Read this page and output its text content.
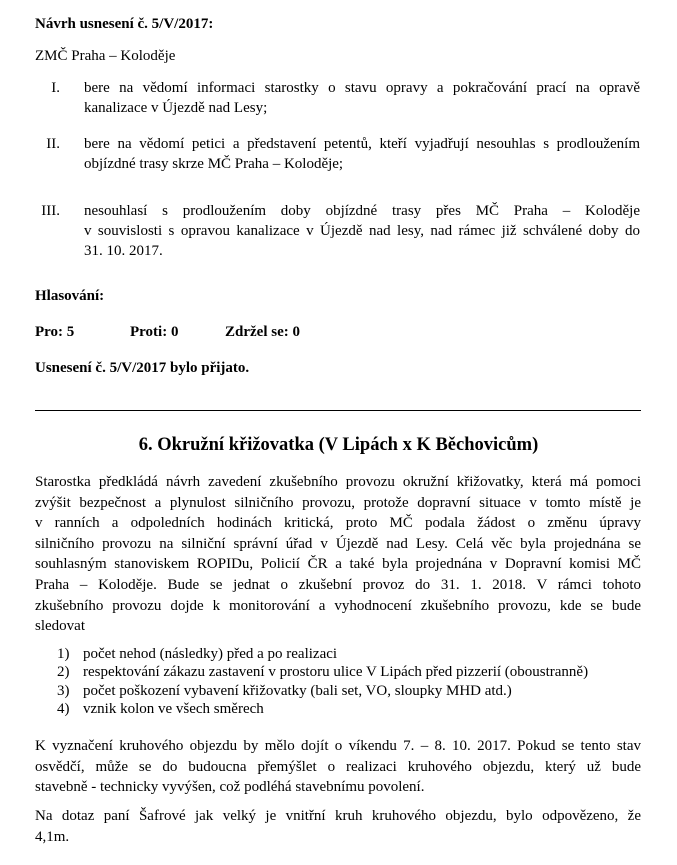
Návrh usnesení č. 5/V/2017:
ZMČ Praha – Koloděje
I. bere na vědomí informaci starostky o stavu opravy a pokračování prací na opravě
kanalizace v Újezdě nad Lesy;
II. bere na vědomí petici a představení petentů, kteří vyjadřují nesouhlas s prodloužením
objízdné trasy skrze MČ Praha – Koloděje;
III. nesouhlasí s prodloužením doby objízdné trasy přes MČ Praha – Koloděje
v souvislosti s opravou kanalizace v Újezdě nad lesy, nad rámec již schválené doby do
31. 10. 2017.
Hlasování:
Pro: 5	Proti: 0	Zdržel se: 0
Usnesení č. 5/V/2017 bylo přijato.
6. Okružní křižovatka (V Lipách x K Běchovicům)
Starostka předkládá návrh zavedení zkušebního provozu okružní křižovatky, která má pomoci
zvýšit bezpečnost a plynulost silničního provozu, protože dopravní situace v tomto místě je
v ranních a odpoledních hodinách kritická, proto MČ podala žádost o změnu úpravy
silničního provozu na silniční správní úřad v Újezdě nad Lesy. Celá věc byla projednána se
souhlasným stanoviskem ROPIDu, Policií ČR a také byla projednána v Dopravní komisi MČ
Praha – Koloděje. Bude se jednat o zkušební provoz do 31. 1. 2018. V rámci tohoto
zkušebního provozu dojde k monitorování a vyhodnocení zkušebního provozu, kde se bude
sledovat
1) počet nehod (následky) před a po realizaci
2) respektování zákazu zastavení v prostoru ulice V Lipách před pizzerií (oboustranně)
3) počet poškození vybavení křižovatky (bali set, VO, sloupky MHD atd.)
4) vznik kolon ve všech směrech
K vyznačení kruhového objezdu by mělo dojít o víkendu 7. – 8. 10. 2017. Pokud se tento stav
osvědčí, může se do budoucna přemýšlet o realizaci kruhového objezdu, který už bude
stavebně - technicky vyvýšen, což podléhá stavebnímu povolení.
Na dotaz paní Šafrové jak velký je vnitřní kruh kruhového objezdu, bylo odpovězeno, že
4,1m.
